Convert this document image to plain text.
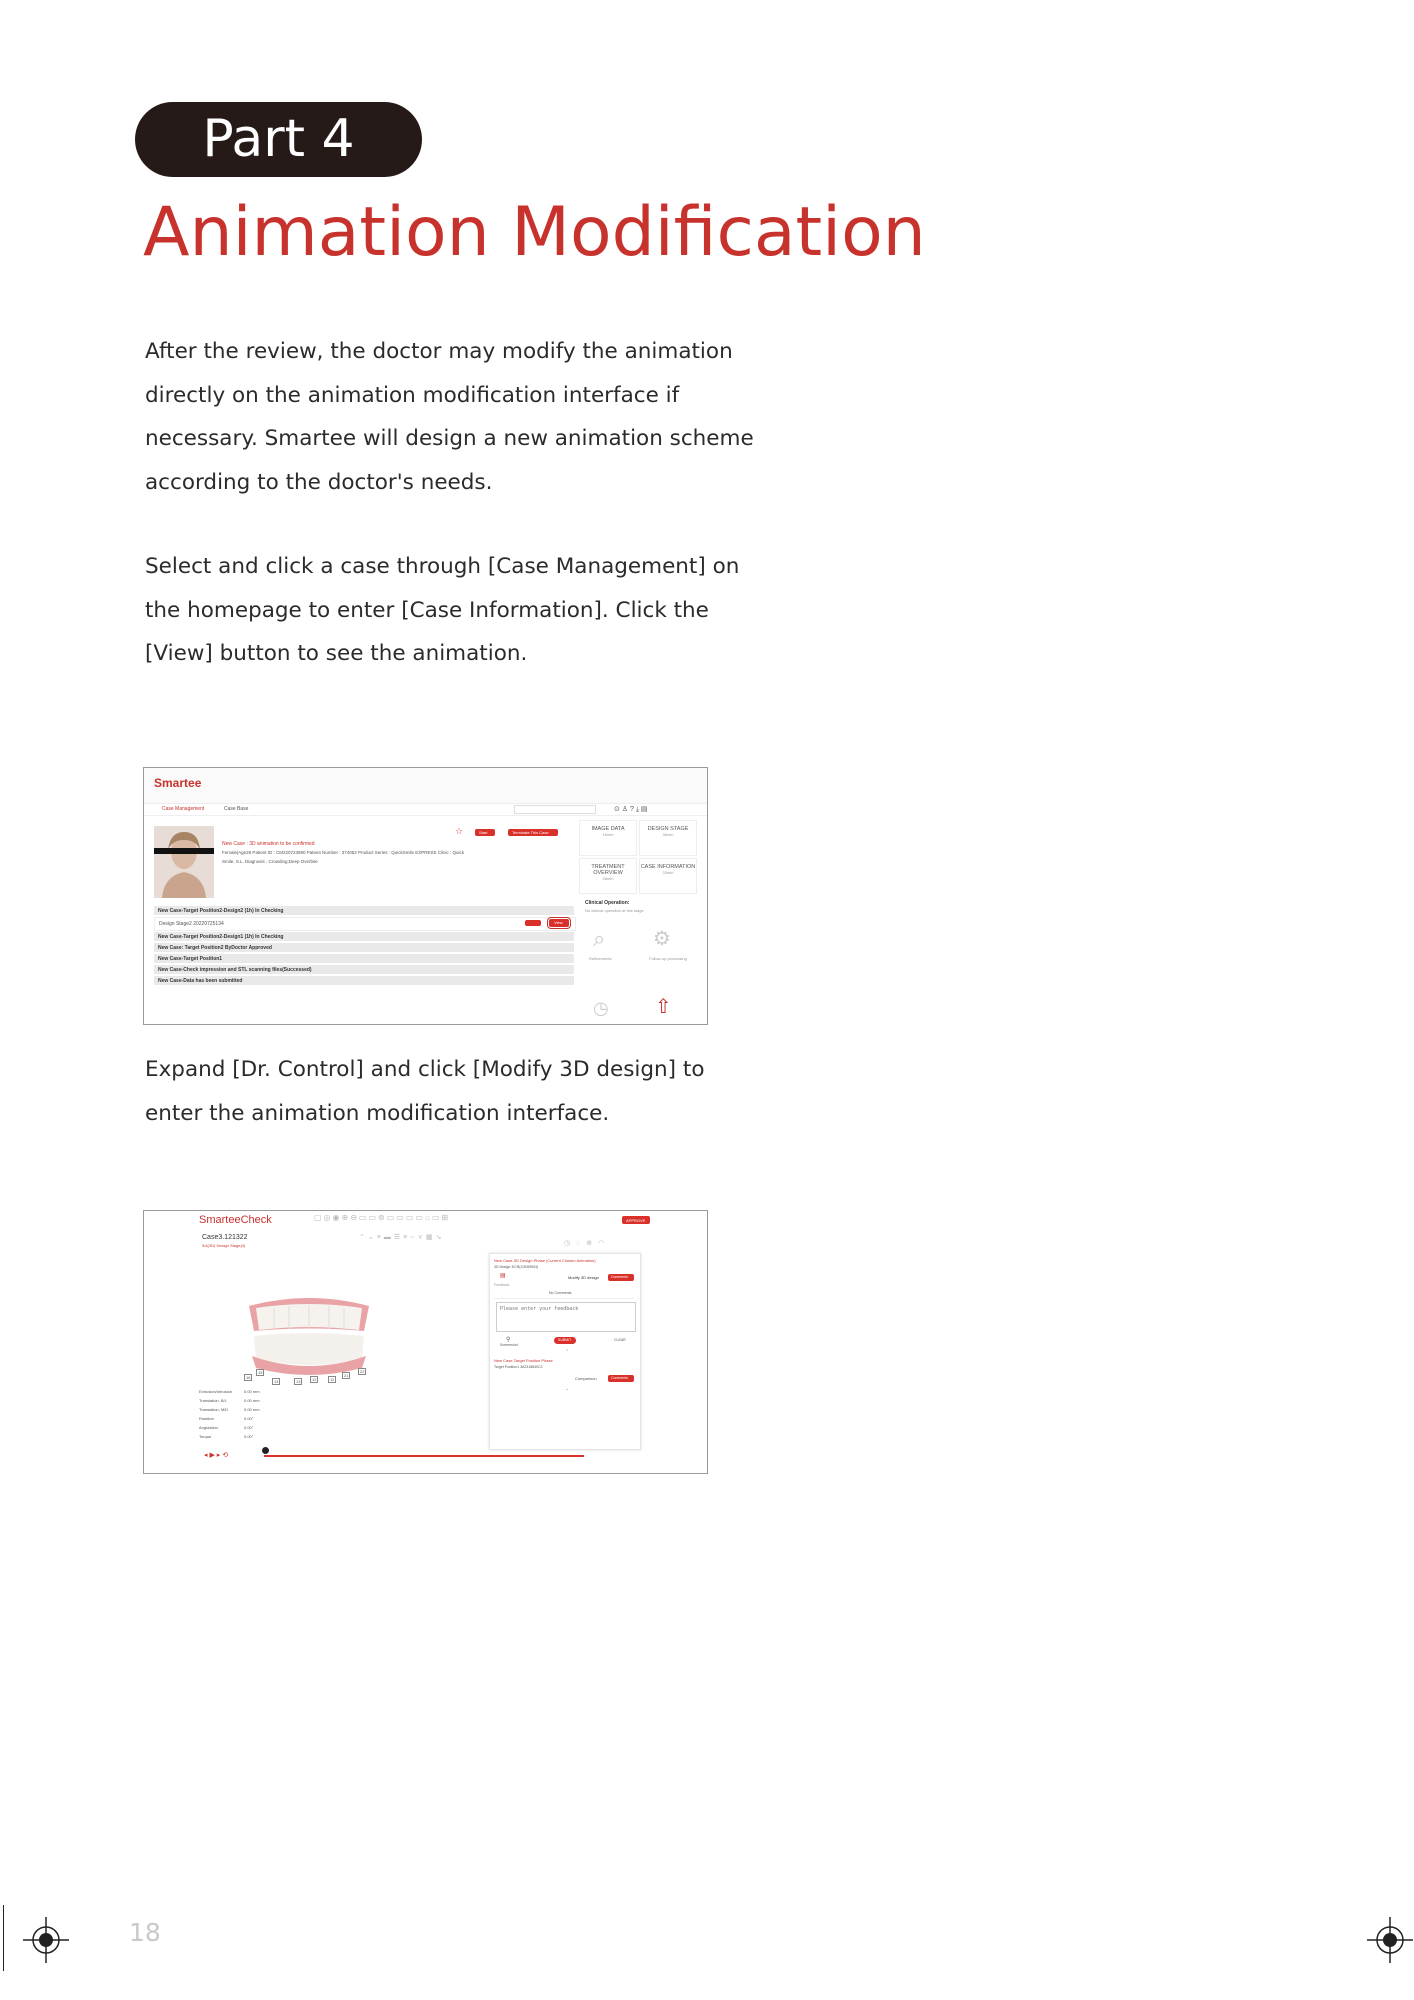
Part 4
Animation Modification
After the review, the doctor may modify the animation
directly on the animation modification interface if
necessary. Smartee will design a new animation scheme
according to the doctor's needs.
Select and click a case through [Case Management] on
the homepage to enter [Case Information]. Click the
[View] button to see the animation.
Smartee
Case Management	Case Base	⊙ ♙ ? ⤓ ▤
New Case : 3D animation to be confirmed
Female|Age28 Patient ID : CM220723990 Patient Number : 374052 Product Series : QuickSmile EXPRESS Clinic : Quick
Smile, S.L. Diagnosis : Crowding;Deep Overbite
☆	Start	Terminate This Case
IMAGE DATA
16min
DESIGN STAGE
36min
TREATMENT OVERVIEW
28min
CASE INFORMATION
33min
Clinical Operation:
No clinical operation at this stage
⌕
Refinements
⚙
Follow-up processing
◷ ⇧
New Case-Target Position2-Design2 (1h) In Checking
Design Stage2 20220725134	View
New Case-Target Position2-Design1 (1h) In Checking
New Case: Target Position2 ByDoctor Approved
New Case-Target Position1
New Case-Check impression and STL scanning files(Successed)
New Case-Data has been submitted
Expand [Dr. Control] and click [Modify 3D design] to
enter the animation modification interface.
SmarteeCheck
Case3.121322
3/4(3D) Design Stage(4)
▢◎◉⊕⊖▭▭⊚▭▭▭▭⌂▭⊞
⌃⌄≡▬☰≡⌣⋎▦↘
APPROVE
◷◌⊕◠
16
15
14	13	12	11
21
22
Extrusion/Intrusion	0.00 mm
Translation, B/L	0.00 mm
Translation, M/D	0.00 mm
Rotation	0.00°
Angulation	0.00°
Torque	0.00°
◂ ▶ ▸ ⟲
New Case-3D Design Phase (Current Chosen Animation)
3D Design 3/CR(2/3059503)
▤	Modify 3D design	Comments
Feedback
No Comments
Please enter your feedback
⚲
Screenshot
SUBMIT	CLEAR
⌃
New Case-Target Position Phase
Target Position1 3A2318840C3
Comparison	Comments
⌄
18
